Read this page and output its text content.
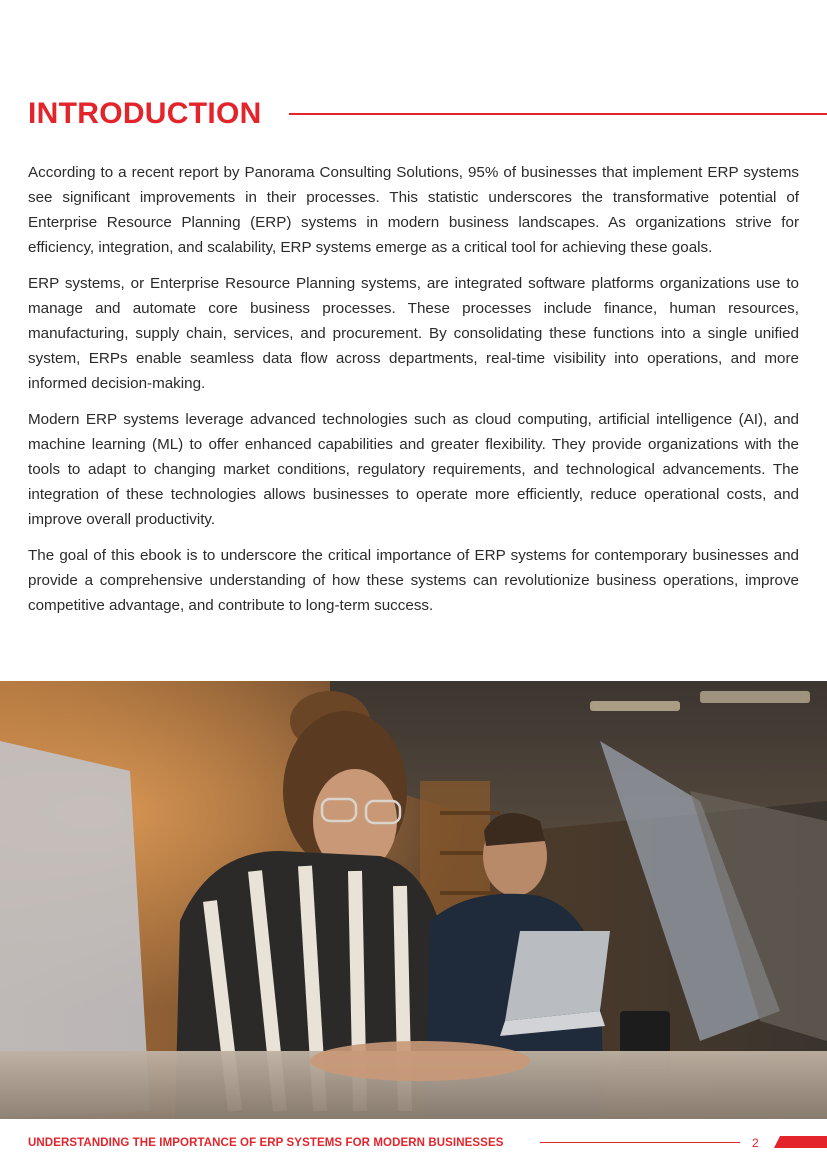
INTRODUCTION

According to a recent report by Panorama Consulting Solutions, 95% of businesses that implement ERP systems see significant improvements in their processes. This statistic underscores the transformative potential of Enterprise Resource Planning (ERP) systems in modern business landscapes. As organizations strive for efficiency, integration, and scalability, ERP systems emerge as a critical tool for achieving these goals.

ERP systems, or Enterprise Resource Planning systems, are integrated software platforms organizations use to manage and automate core business processes. These processes include finance, human resources, manufacturing, supply chain, services, and procurement. By consolidating these functions into a single unified system, ERPs enable seamless data flow across departments, real-time visibility into operations, and more informed decision-making.

Modern ERP systems leverage advanced technologies such as cloud computing, artificial intelligence (AI), and machine learning (ML) to offer enhanced capabilities and greater flexibility. They provide organizations with the tools to adapt to changing market conditions, regulatory requirements, and technological advancements. The integration of these technologies allows businesses to operate more efficiently, reduce operational costs, and improve overall productivity.

The goal of this ebook is to underscore the critical importance of ERP systems for contemporary businesses and provide a comprehensive understanding of how these systems can revolutionize business operations, improve competitive advantage, and contribute to long-term success.

UNDERSTANDING THE IMPORTANCE OF ERP SYSTEMS FOR MODERN BUSINESSES	2
